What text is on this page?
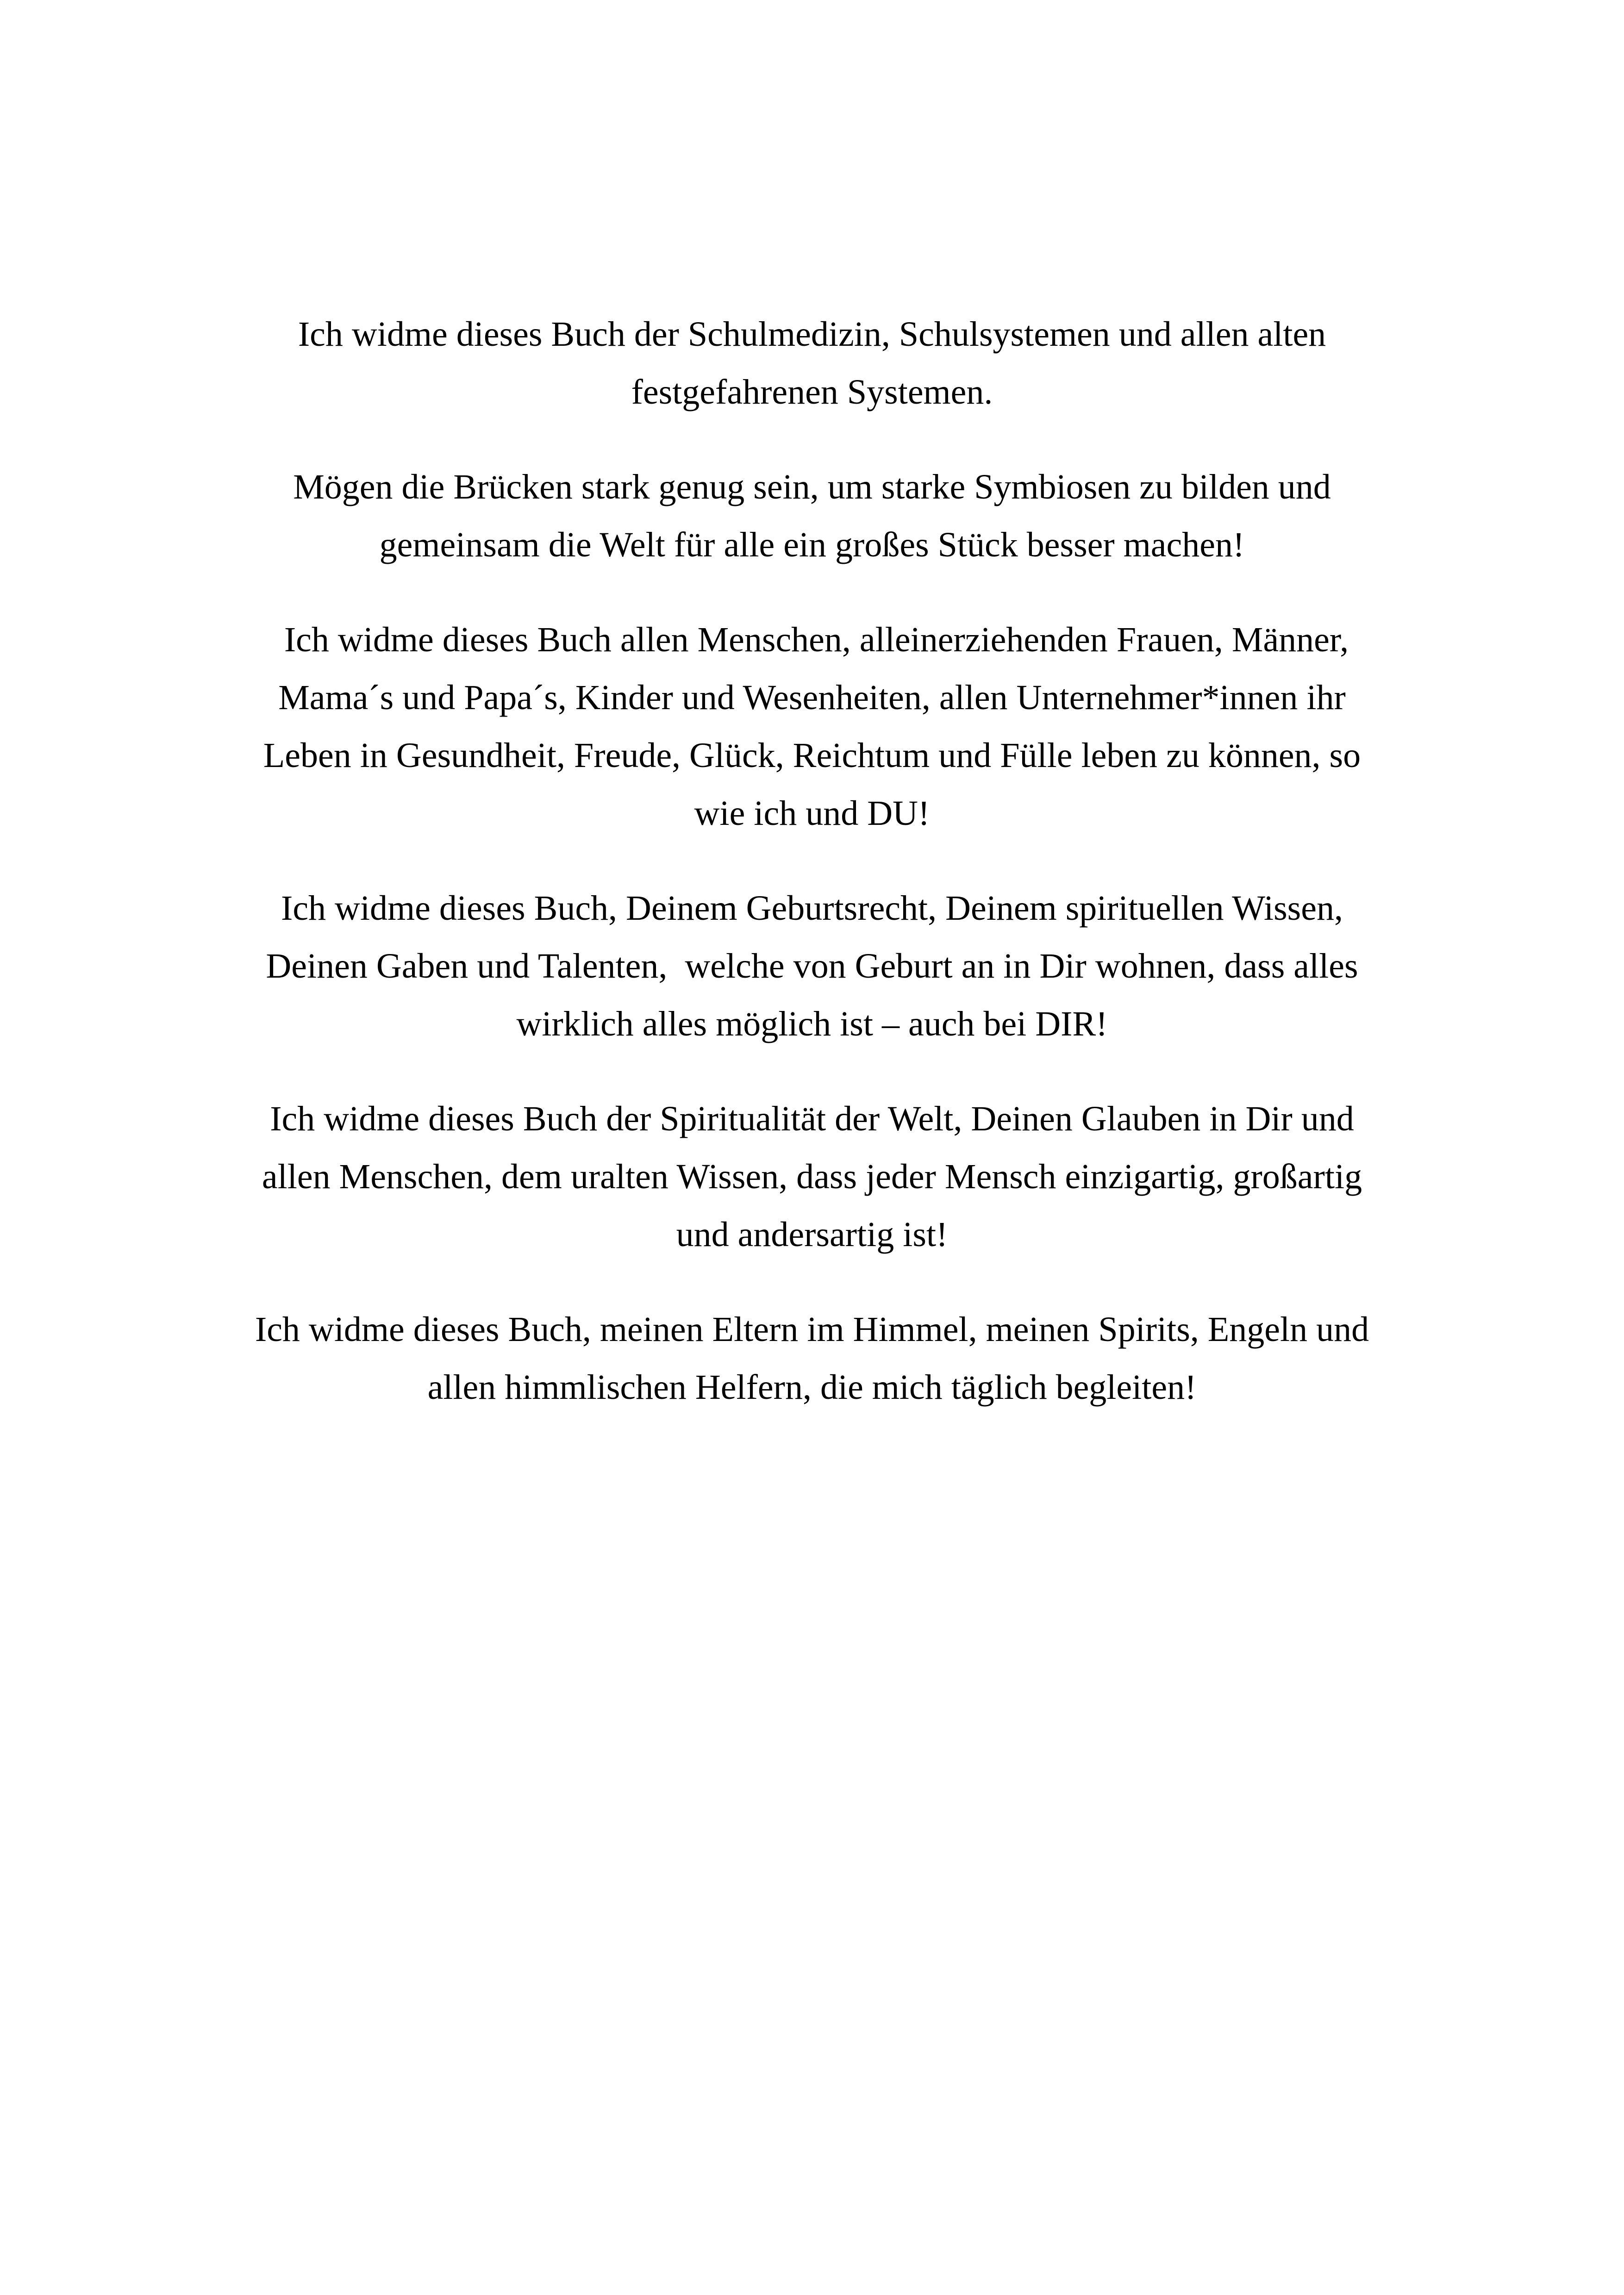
Ich widme dieses Buch der Schulmedizin, Schulsystemen und allen alten
festgefahrenen Systemen.

Mögen die Brücken stark genug sein, um starke Symbiosen zu bilden und
gemeinsam die Welt für alle ein großes Stück besser machen!

Ich widme dieses Buch allen Menschen, alleinerziehenden Frauen, Männer,
Mama´s und Papa´s, Kinder und Wesenheiten, allen Unternehmer*innen ihr
Leben in Gesundheit, Freude, Glück, Reichtum und Fülle leben zu können, so
wie ich und DU!

Ich widme dieses Buch, Deinem Geburtsrecht, Deinem spirituellen Wissen,
Deinen Gaben und Talenten,  welche von Geburt an in Dir wohnen, dass alles
wirklich alles möglich ist – auch bei DIR!

Ich widme dieses Buch der Spiritualität der Welt, Deinen Glauben in Dir und
allen Menschen, dem uralten Wissen, dass jeder Mensch einzigartig, großartig
und andersartig ist!

Ich widme dieses Buch, meinen Eltern im Himmel, meinen Spirits, Engeln und
allen himmlischen Helfern, die mich täglich begleiten!
